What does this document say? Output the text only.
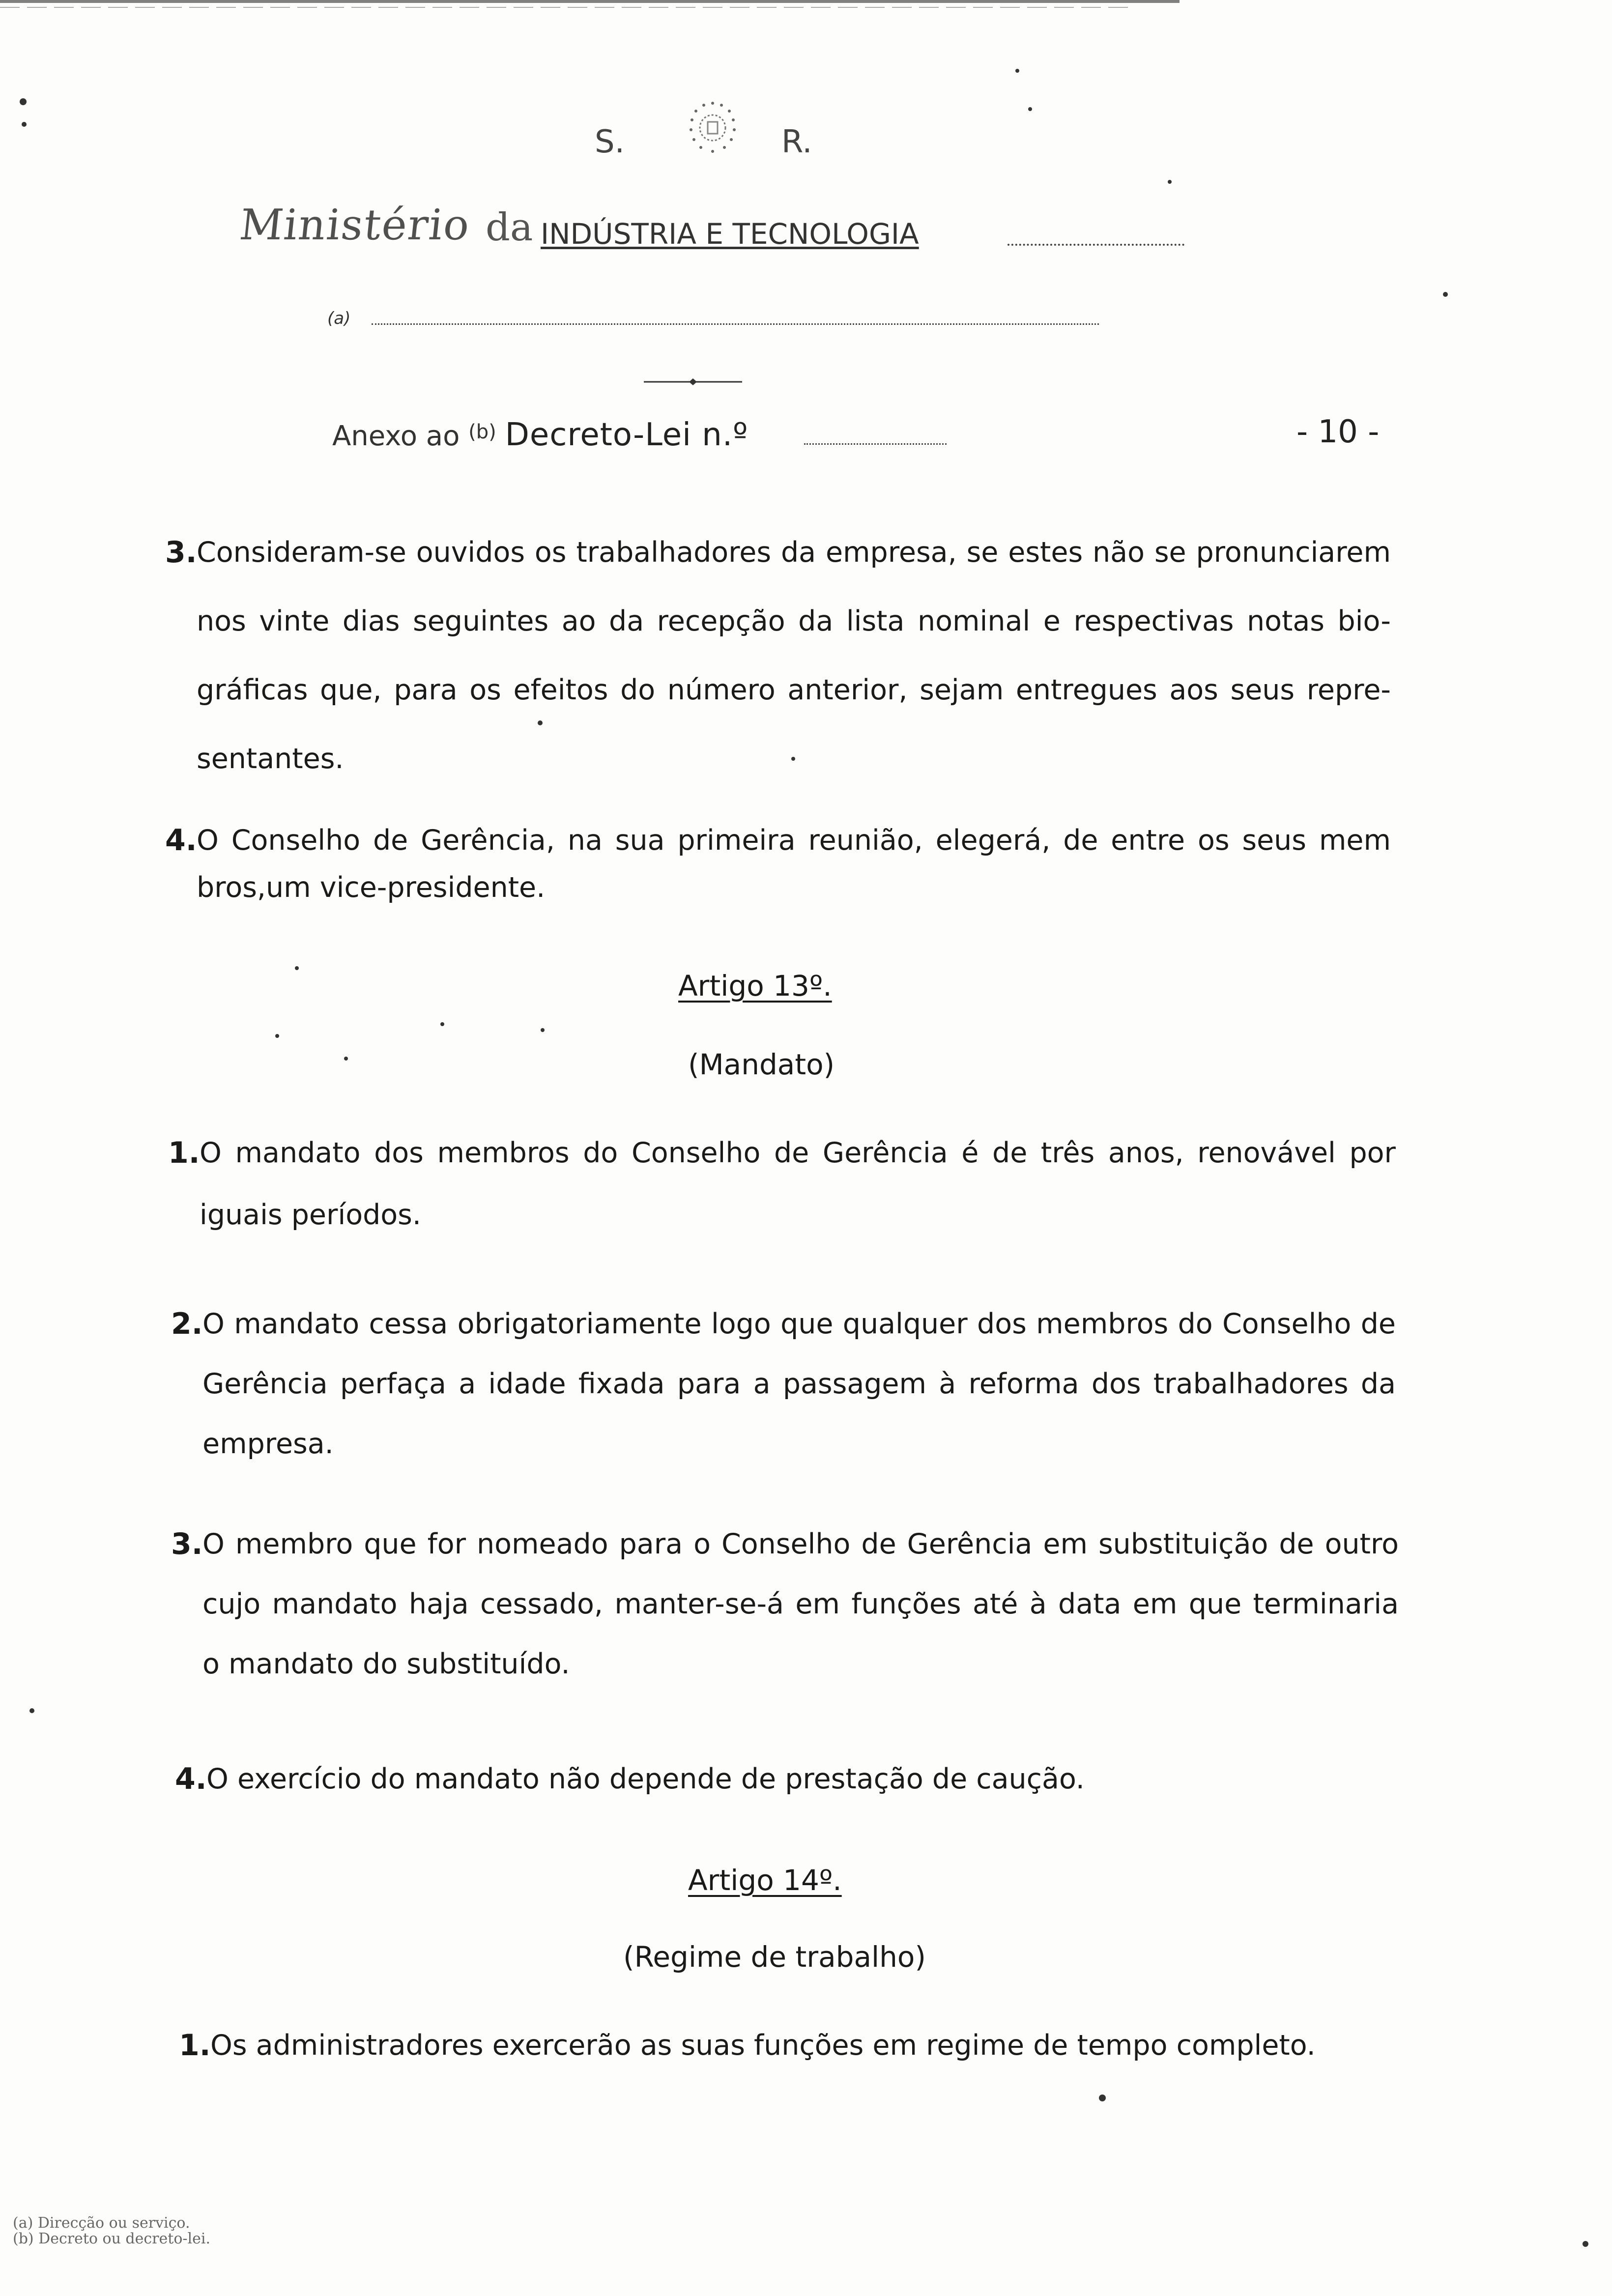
S.	R.
Ministério da INDÚSTRIA E TECNOLOGIA
(a)
Anexo ao $^{(b)}$ Decreto-Lei n.º	- 10 -
3. Consideram-se ouvidos os trabalhadores da empresa, se estes não se pronunciarem
nos vinte dias seguintes ao da recepção da lista nominal e respectivas notas bio-
gráficas que, para os efeitos do número anterior, sejam entregues aos seus repre-
sentantes.
4. O Conselho de Gerência, na sua primeira reunião, elegerá, de entre os seus mem
bros,um vice-presidente.
Artigo 13º.
(Mandato)
1. O mandato dos membros do Conselho de Gerência é de três anos, renovável por
iguais períodos.
2. O mandato cessa obrigatoriamente logo que qualquer dos membros do Conselho de
Gerência perfaça a idade fixada para a passagem à reforma dos trabalhadores da
empresa.
3. O membro que for nomeado para o Conselho de Gerência em substituição de outro
cujo mandato haja cessado, manter-se-á em funções até à data em que terminaria
o mandato do substituído.
4. O exercício do mandato não depende de prestação de caução.
Artigo 14º.
(Regime de trabalho)
1. Os administradores exercerão as suas funções em regime de tempo completo.
(a) Direcção ou serviço.
(b) Decreto ou decreto-lei.
